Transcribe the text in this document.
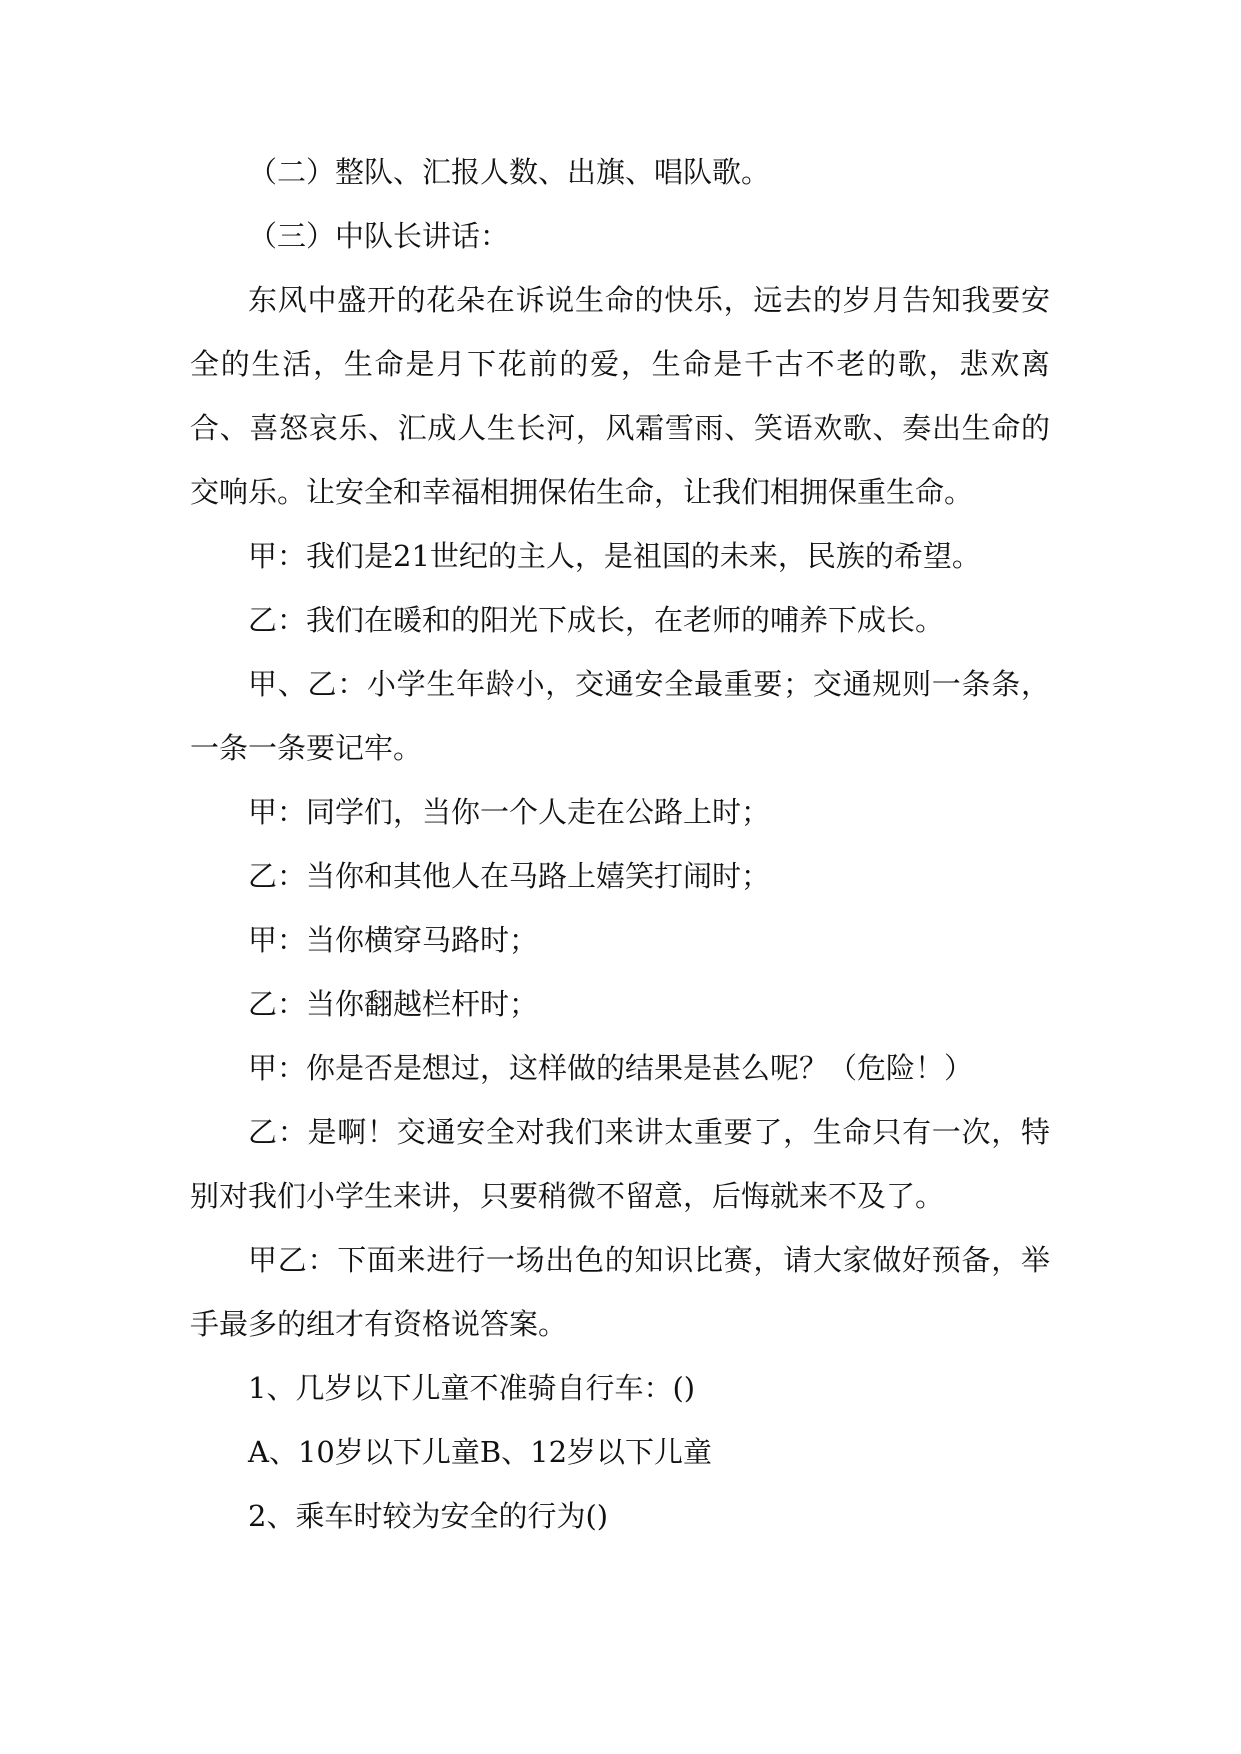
（二）整队、汇报人数、出旗、唱队歌。

（三）中队长讲话：

东风中盛开的花朵在诉说生命的快乐，远去的岁月告知我要安全的生活，生命是月下花前的爱，生命是千古不老的歌，悲欢离合、喜怒哀乐、汇成人生长河，风霜雪雨、笑语欢歌、奏出生命的交响乐。让安全和幸福相拥保佑生命，让我们相拥保重生命。

甲：我们是21世纪的主人，是祖国的未来，民族的希望。

乙：我们在暖和的阳光下成长，在老师的哺养下成长。

甲、乙：小学生年龄小，交通安全最重要；交通规则一条条，一条一条要记牢。

甲：同学们，当你一个人走在公路上时；

乙：当你和其他人在马路上嬉笑打闹时；

甲：当你横穿马路时；

乙：当你翻越栏杆时；

甲：你是否是想过，这样做的结果是甚么呢？（危险！）

乙：是啊！交通安全对我们来讲太重要了，生命只有一次，特别对我们小学生来讲，只要稍微不留意，后悔就来不及了。

甲乙：下面来进行一场出色的知识比赛，请大家做好预备，举手最多的组才有资格说答案。

1、几岁以下儿童不准骑自行车：()

A、10岁以下儿童B、12岁以下儿童

2、乘车时较为安全的行为()
